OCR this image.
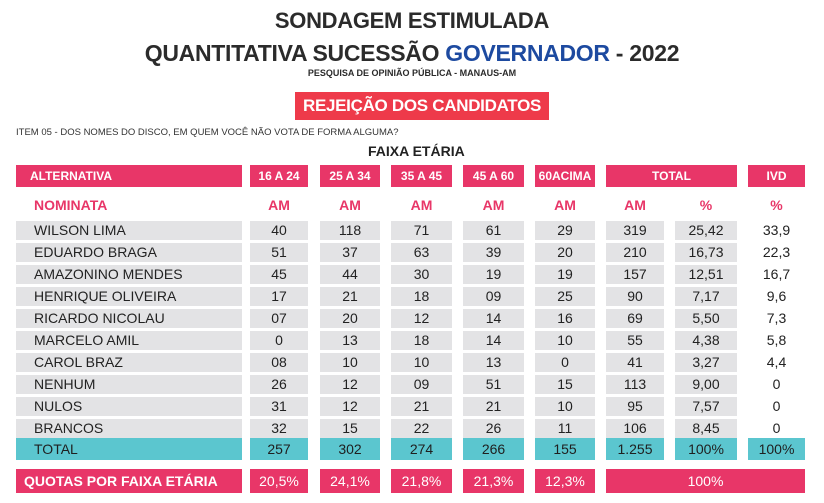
SONDAGEM ESTIMULADA
QUANTITATIVA SUCESSÃO GOVERNADOR - 2022
PESQUISA DE OPINIÃO PÚBLICA - MANAUS-AM
REJEIÇÃO DOS CANDIDATOS
ITEM 05 - DOS NOMES DO DISCO, EM QUEM VOCÊ NÃO VOTA DE FORMA ALGUMA?
FAIXA ETÁRIA
ALTERNATIVA	16 A 24	25 A 34	35 A 45	45 A 60	60ACIMA	TOTAL	IVD
NOMINATA	AM	AM	AM	AM	AM	AM	%	%
WILSON LIMA	40	118	71	61	29	319	25,42	33,9
EDUARDO BRAGA	51	37	63	39	20	210	16,73	22,3
AMAZONINO MENDES	45	44	30	19	19	157	12,51	16,7
HENRIQUE OLIVEIRA	17	21	18	09	25	90	7,17	9,6
RICARDO NICOLAU	07	20	12	14	16	69	5,50	7,3
MARCELO AMIL	0	13	18	14	10	55	4,38	5,8
CAROL BRAZ	08	10	10	13	0	41	3,27	4,4
NENHUM	26	12	09	51	15	113	9,00	0
NULOS	31	12	21	21	10	95	7,57	0
BRANCOS	32	15	22	26	11	106	8,45	0
TOTAL	257	302	274	266	155	1.255	100%	100%
QUOTAS POR FAIXA ETÁRIA	20,5%	24,1%	21,8%	21,3%	12,3%	100%
